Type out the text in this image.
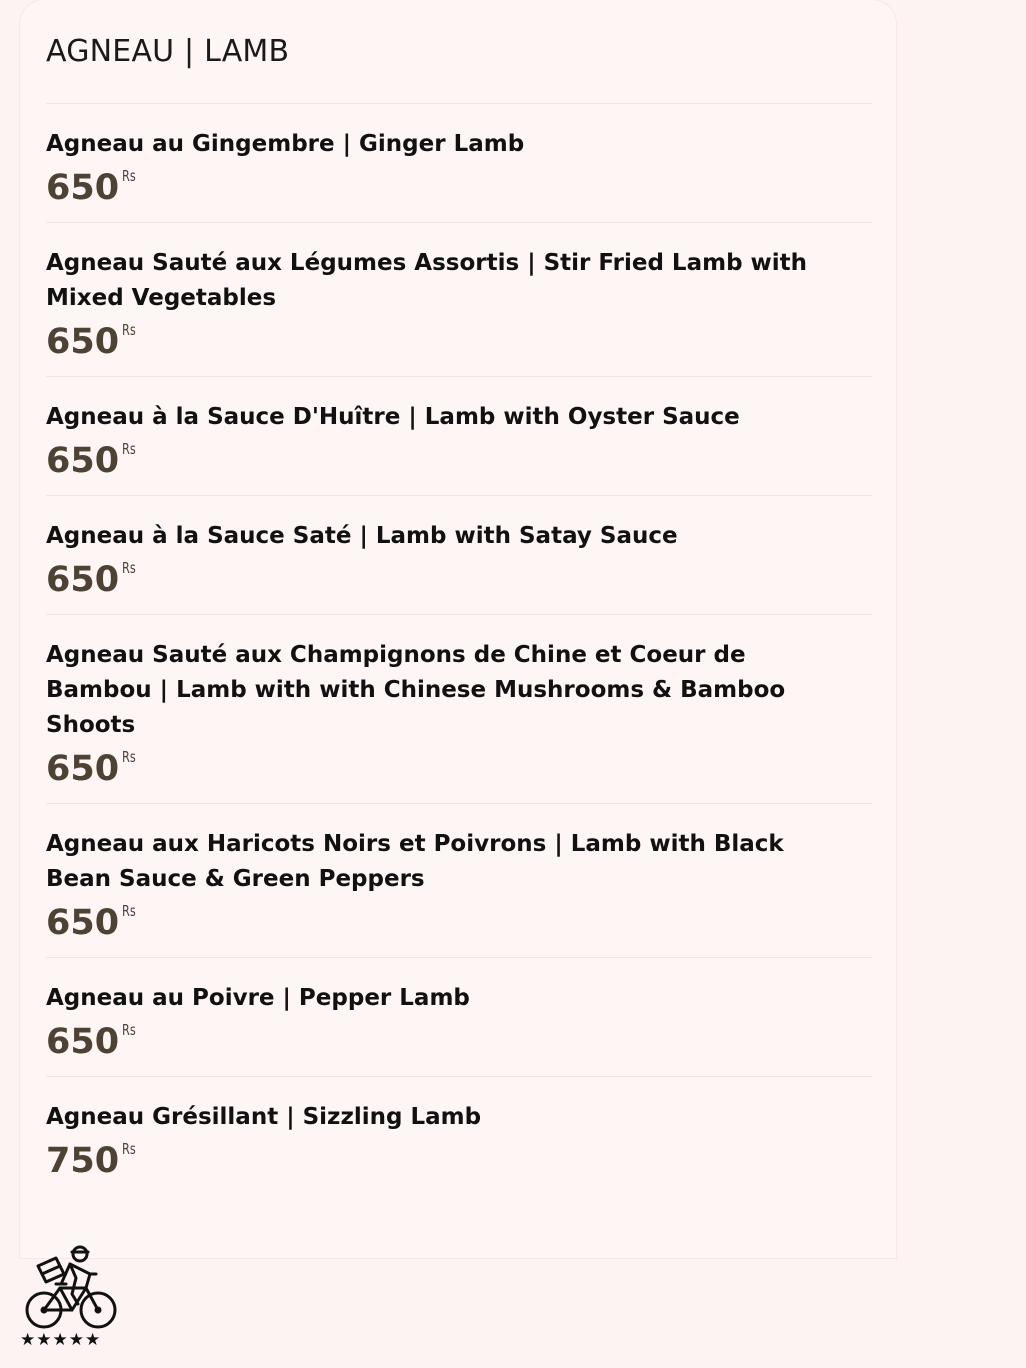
AGNEAU | LAMB
Agneau au Gingembre | Ginger Lamb
650 Rs
Agneau Sauté aux Légumes Assortis | Stir Fried Lamb with Mixed Vegetables
650 Rs
Agneau à la Sauce D'Huître | Lamb with Oyster Sauce
650 Rs
Agneau à la Sauce Saté | Lamb with Satay Sauce
650 Rs
Agneau Sauté aux Champignons de Chine et Coeur de Bambou | Lamb with with Chinese Mushrooms & Bamboo Shoots
650 Rs
Agneau aux Haricots Noirs et Poivrons | Lamb with Black Bean Sauce & Green Peppers
650 Rs
Agneau au Poivre | Pepper Lamb
650 Rs
Agneau Grésillant | Sizzling Lamb
750 Rs
★★★★★
